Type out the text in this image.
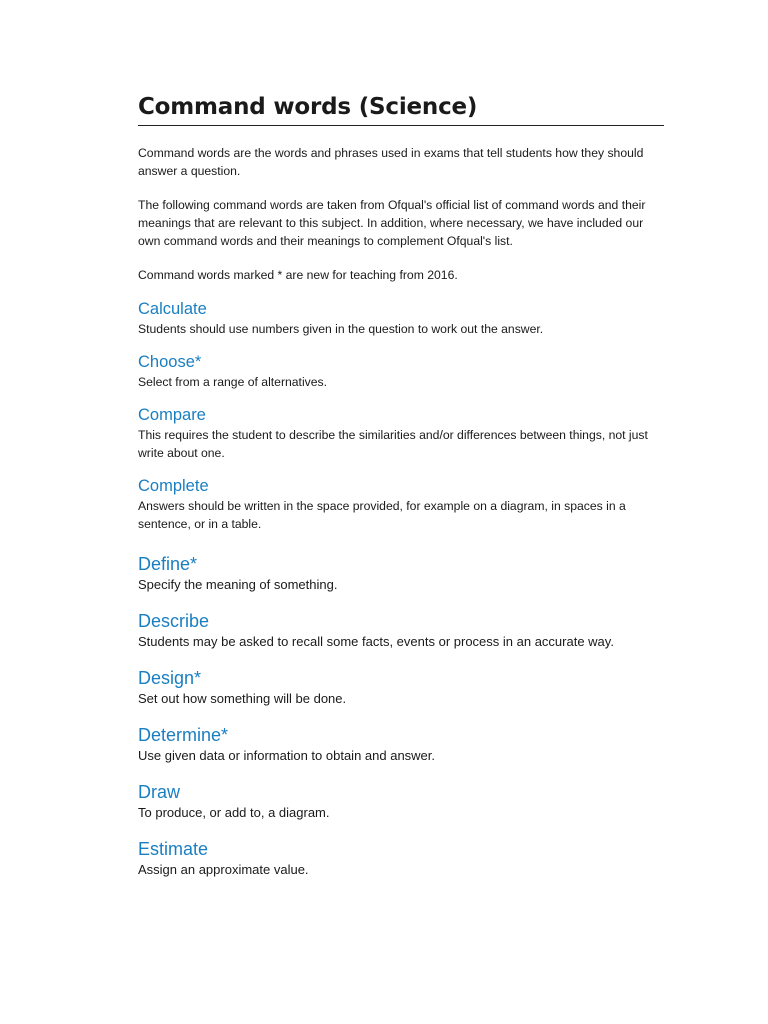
Command words (Science)

Command words are the words and phrases used in exams that tell students how they should answer a question.

The following command words are taken from Ofqual's official list of command words and their meanings that are relevant to this subject. In addition, where necessary, we have included our own command words and their meanings to complement Ofqual's list.

Command words marked * are new for teaching from 2016.

Calculate

Students should use numbers given in the question to work out the answer.

Choose*

Select from a range of alternatives.

Compare

This requires the student to describe the similarities and/or differences between things, not just write about one.

Complete

Answers should be written in the space provided, for example on a diagram, in spaces in a sentence, or in a table.

Define*

Specify the meaning of something.

Describe

Students may be asked to recall some facts, events or process in an accurate way.

Design*

Set out how something will be done.

Determine*

Use given data or information to obtain and answer.

Draw

To produce, or add to, a diagram.

Estimate

Assign an approximate value.
